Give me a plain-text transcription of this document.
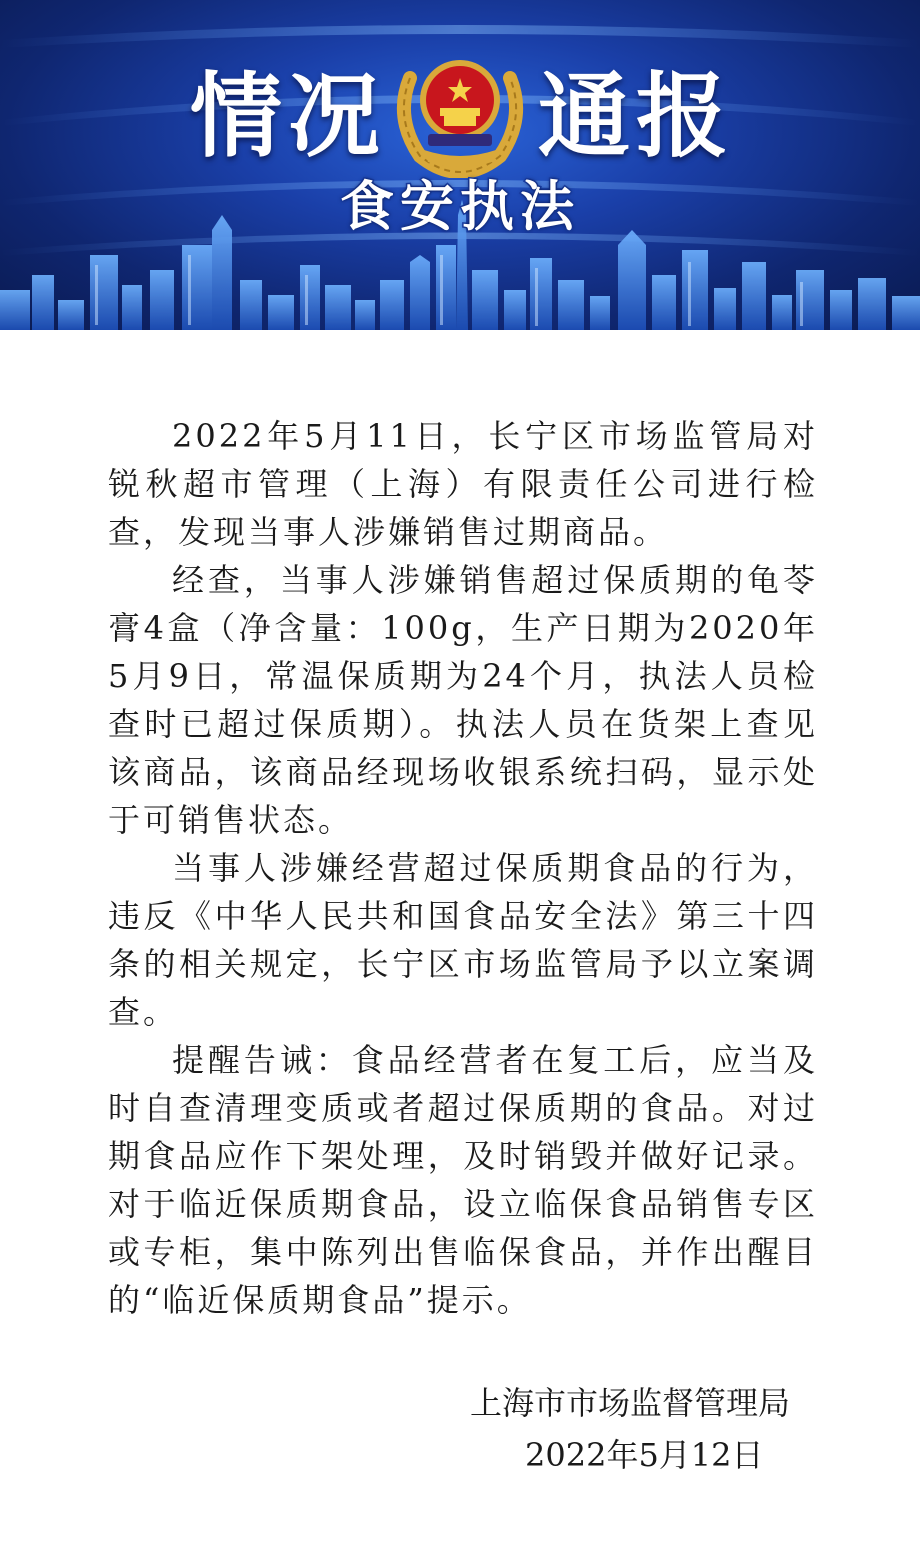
情况 通报
食安执法

2022年5月11日，长宁区市场监管局对锐秋超市管理（上海）有限责任公司进行检查，发现当事人涉嫌销售过期商品。

经查，当事人涉嫌销售超过保质期的龟苓膏4盒（净含量：100g，生产日期为2020年5月9日，常温保质期为24个月，执法人员检查时已超过保质期）。执法人员在货架上查见该商品，该商品经现场收银系统扫码，显示处于可销售状态。

当事人涉嫌经营超过保质期食品的行为，违反《中华人民共和国食品安全法》第三十四条的相关规定，长宁区市场监管局予以立案调查。

提醒告诫：食品经营者在复工后，应当及时自查清理变质或者超过保质期的食品。对过期食品应作下架处理，及时销毁并做好记录。对于临近保质期食品，设立临保食品销售专区或专柜，集中陈列出售临保食品，并作出醒目的“临近保质期食品”提示。

上海市市场监督管理局
2022年5月12日
